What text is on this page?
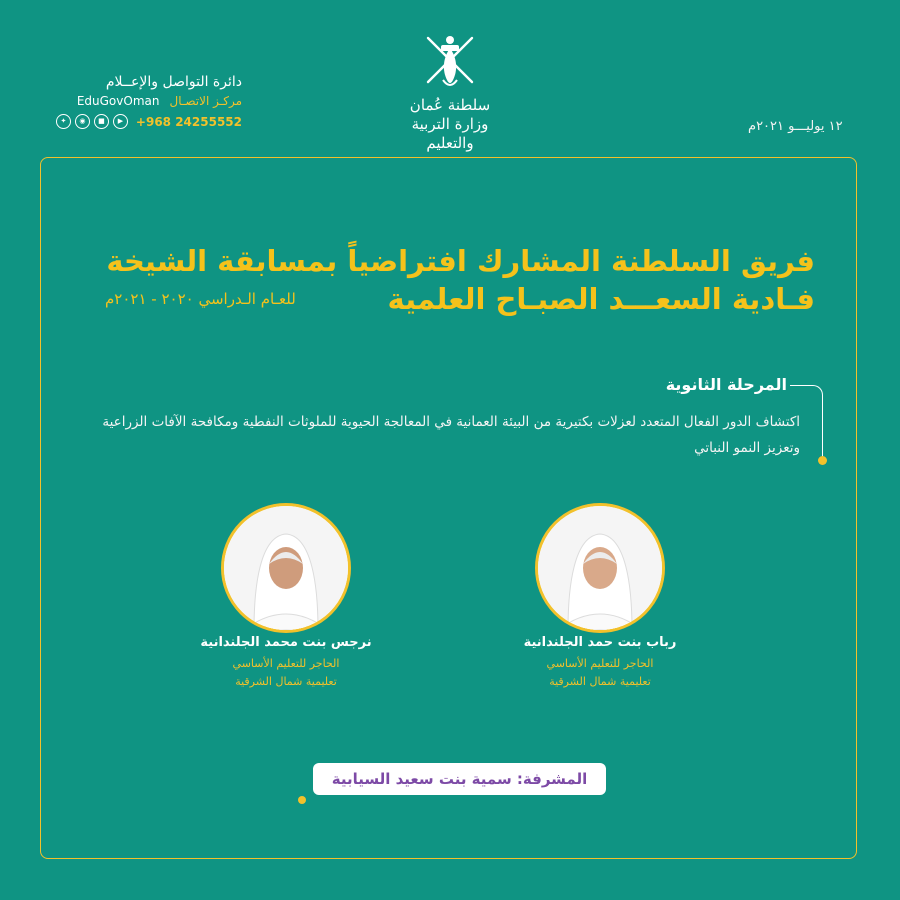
١٢ يوليـــو ٢٠٢١م
سلطنة عُمان
وزارة التربية والتعليم
دائرة التواصل والإعــلام
EduGovOman مركـز الاتصـال
✦	◉	■	▶	+968 24255552
فريق السلطنة المشارك افتراضياً بمسابقة الشيخة
فـادية السعـــد الصبـاح العلمية
للعـام الـدراسي ٢٠٢٠ - ٢٠٢١م
المرحلة الثانوية
اكتشاف الدور الفعال المتعدد لعزلات بكتيرية من البيئة العمانية في المعالجة الحيوية للملوثات النفطية ومكافحة الآفات الزراعية وتعزيز النمو النباتي
رباب بنت حمد الجلندانية
الحاجر للتعليم الأساسي
تعليمية شمال الشرقية
نرجس بنت محمد الجلندانية
الحاجر للتعليم الأساسي
تعليمية شمال الشرقية
المشرفة: سمية بنت سعيد السيابية
